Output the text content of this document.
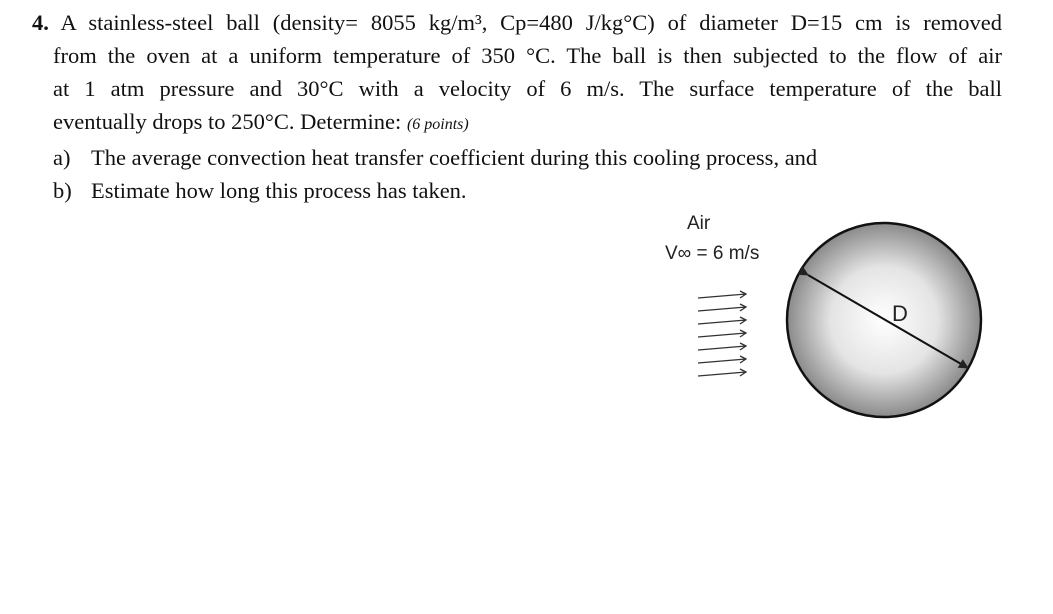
4. A stainless-steel ball (density= 8055 kg/m³, Cp=480 J/kg°C) of diameter D=15 cm is removed
from the oven at a uniform temperature of 350 °C. The ball is then subjected to the flow of air
at 1 atm pressure and 30°C with a velocity of 6 m/s. The surface temperature of the ball
eventually drops to 250°C. Determine: (6 points)
a) The average convection heat transfer coefficient during this cooling process, and
b) Estimate how long this process has taken.
Air
V∞ = 6 m/s
D
